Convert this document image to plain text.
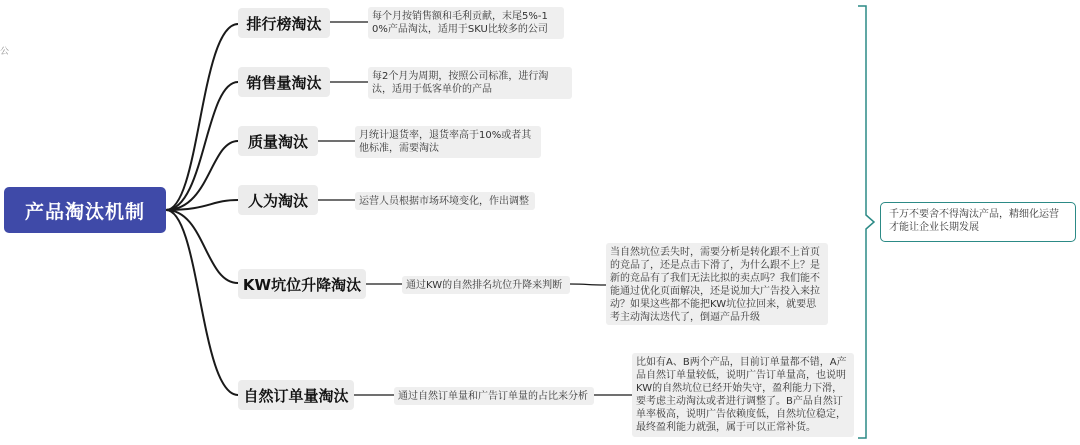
公
产品淘汰机制
排行榜淘汰
销售量淘汰
质量淘汰
人为淘汰
KW坑位升降淘汰
自然订单量淘汰
每个月按销售额和毛利贡献，末尾5%-10%产品淘汰，适用于SKU比较多的公司
每2个月为周期，按照公司标准，进行淘汰，适用于低客单价的产品
月统计退货率，退货率高于10%或者其他标准，需要淘汰
运营人员根据市场环境变化，作出调整
通过KW的自然排名坑位升降来判断
通过自然订单量和广告订单量的占比来分析
当自然坑位丢失时，需要分析是转化跟不上首页的竞品了，还是点击下滑了，为什么跟不上？是新的竞品有了我们无法比拟的卖点吗？我们能不能通过优化页面解决，还是说加大广告投入来拉动？如果这些都不能把KW坑位拉回来，就要思考主动淘汰迭代了，倒逼产品升级
比如有A、B两个产品，目前订单量都不错，A产品自然订单量较低，说明广告订单量高，也说明KW的自然坑位已经开始失守，盈利能力下滑，要考虑主动淘汰或者进行调整了。B产品自然订单率极高，说明广告依赖度低，自然坑位稳定，最终盈利能力就强，属于可以正常补货。
千万不要舍不得淘汰产品，精细化运营才能让企业长期发展
